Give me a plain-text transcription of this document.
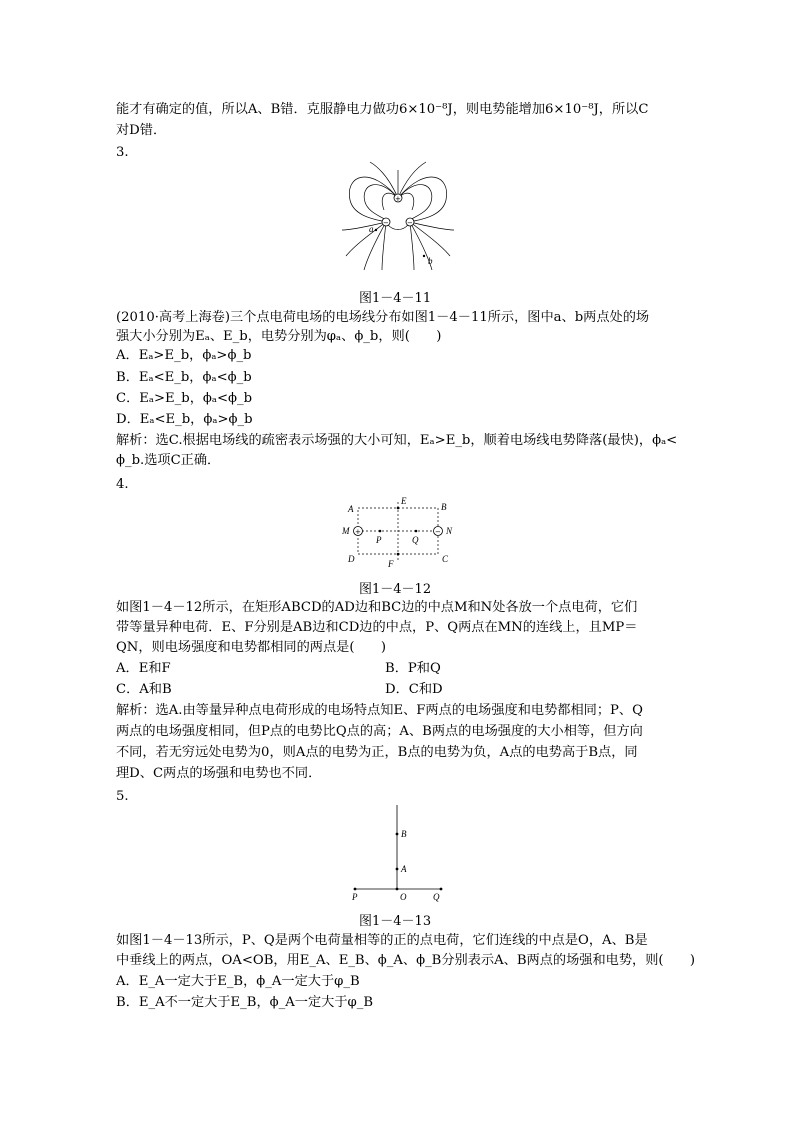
能才有确定的值，所以A、B错．克服静电力做功6×10⁻⁸J，则电势能增加6×10⁻⁸J，所以C
对D错．
3.
+
−	−
a
b
图1－4－11
(2010·高考上海卷)三个点电荷电场的电场线分布如图1－4－11所示，图中a、b两点处的场
强大小分别为Eₐ、E_b，电势分别为φₐ、ϕ_b，则(　　)
A．Eₐ>E_b，ϕₐ>ϕ_b
B．Eₐ<E_b，ϕₐ<ϕ_b
C．Eₐ>E_b，ϕₐ<ϕ_b
D．Eₐ<E_b，ϕₐ>ϕ_b
解析：选C.根据电场线的疏密表示场强的大小可知，Eₐ>E_b，顺着电场线电势降落(最快)，ϕₐ<
ϕ_b.选项C正确．
4.
+	−
A	B
C
D
E
F
M	N
P	Q
图1－4－12
如图1－4－12所示，在矩形ABCD的AD边和BC边的中点M和N处各放一个点电荷，它们
带等量异种电荷．E、F分别是AB边和CD边的中点，P、Q两点在MN的连线上，且MP＝
QN，则电场强度和电势都相同的两点是(　　)
A．E和F	B．P和Q
C．A和B	D．C和D
解析：选A.由等量异种点电荷形成的电场特点知E、F两点的电场强度和电势都相同；P、Q
两点的电场强度相同，但P点的电势比Q点的高；A、B两点的电场强度的大小相等，但方向
不同，若无穷远处电势为0，则A点的电势为正，B点的电势为负，A点的电势高于B点，同
理D、C两点的场强和电势也不同．
5.
B
A
O
P	Q
图1－4－13
如图1－4－13所示，P、Q是两个电荷量相等的正的点电荷，它们连线的中点是O，A、B是
中垂线上的两点，OA<OB，用E_A、E_B、ϕ_A、ϕ_B分别表示A、B两点的场强和电势，则(　　)
A．E_A一定大于E_B，ϕ_A一定大于φ_B
B．E_A不一定大于E_B，ϕ_A一定大于φ_B
